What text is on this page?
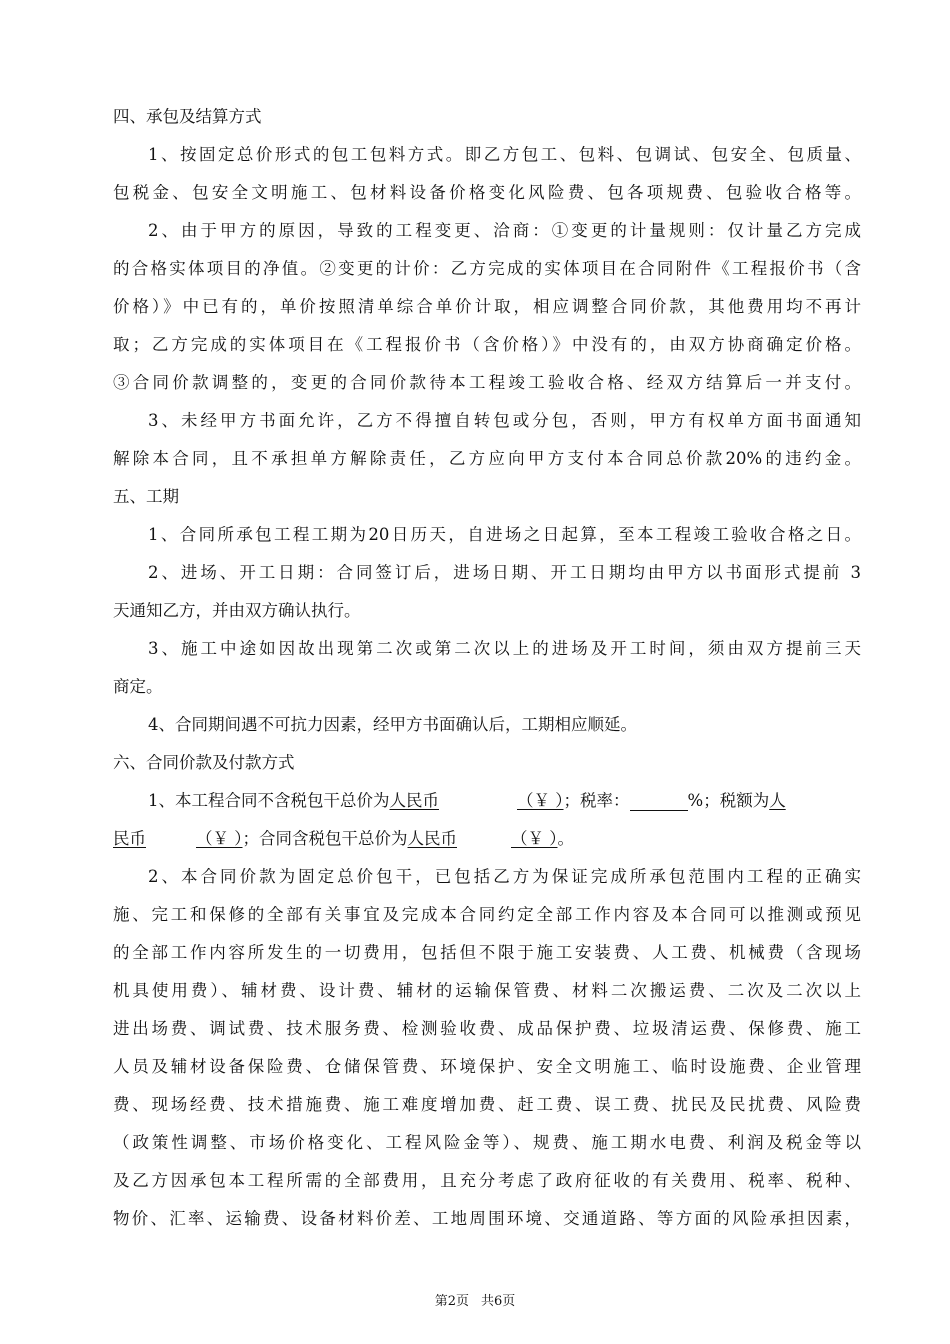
四、承包及结算方式
1、按固定总价形式的包工包料方式。即乙方包工、包料、包调试、包安全、包质量、
包税金、包安全文明施工、包材料设备价格变化风险费、包各项规费、包验收合格等。
2、由于甲方的原因，导致的工程变更、洽商：①变更的计量规则：仅计量乙方完成
的合格实体项目的净值。②变更的计价：乙方完成的实体项目在合同附件《工程报价书（含
价格）》中已有的，单价按照清单综合单价计取，相应调整合同价款，其他费用均不再计
取；乙方完成的实体项目在《工程报价书（含价格）》中没有的，由双方协商确定价格。
③合同价款调整的，变更的合同价款待本工程竣工验收合格、经双方结算后一并支付。
3、未经甲方书面允许，乙方不得擅自转包或分包，否则，甲方有权单方面书面通知
解除本合同，且不承担单方解除责任，乙方应向甲方支付本合同总价款20%的违约金。
五、工期
1、合同所承包工程工期为20日历天，自进场之日起算，至本工程竣工验收合格之日。
2、进场、开工日期：合同签订后，进场日期、开工日期均由甲方以书面形式提前 3
天通知乙方，并由双方确认执行。
3、施工中途如因故出现第二次或第二次以上的进场及开工时间，须由双方提前三天
商定。
4、合同期间遇不可抗力因素，经甲方书面确认后，工期相应顺延。
六、合同价款及付款方式
1、本工程合同不含税包干总价为人民币	（￥ ）；税率：	%；税额为人
民币	（￥ ）；合同含税包干总价为人民币	（￥ ）。
2、本合同价款为固定总价包干，已包括乙方为保证完成所承包范围内工程的正确实
施、完工和保修的全部有关事宜及完成本合同约定全部工作内容及本合同可以推测或预见
的全部工作内容所发生的一切费用，包括但不限于施工安装费、人工费、机械费（含现场
机具使用费）、辅材费、设计费、辅材的运输保管费、材料二次搬运费、二次及二次以上
进出场费、调试费、技术服务费、检测验收费、成品保护费、垃圾清运费、保修费、施工
人员及辅材设备保险费、仓储保管费、环境保护、安全文明施工、临时设施费、企业管理
费、现场经费、技术措施费、施工难度增加费、赶工费、误工费、扰民及民扰费、风险费
（政策性调整、市场价格变化、工程风险金等）、规费、施工期水电费、利润及税金等以
及乙方因承包本工程所需的全部费用，且充分考虑了政府征收的有关费用、税率、税种、
物价、汇率、运输费、设备材料价差、工地周围环境、交通道路、等方面的风险承担因素，
第2页 共6页
